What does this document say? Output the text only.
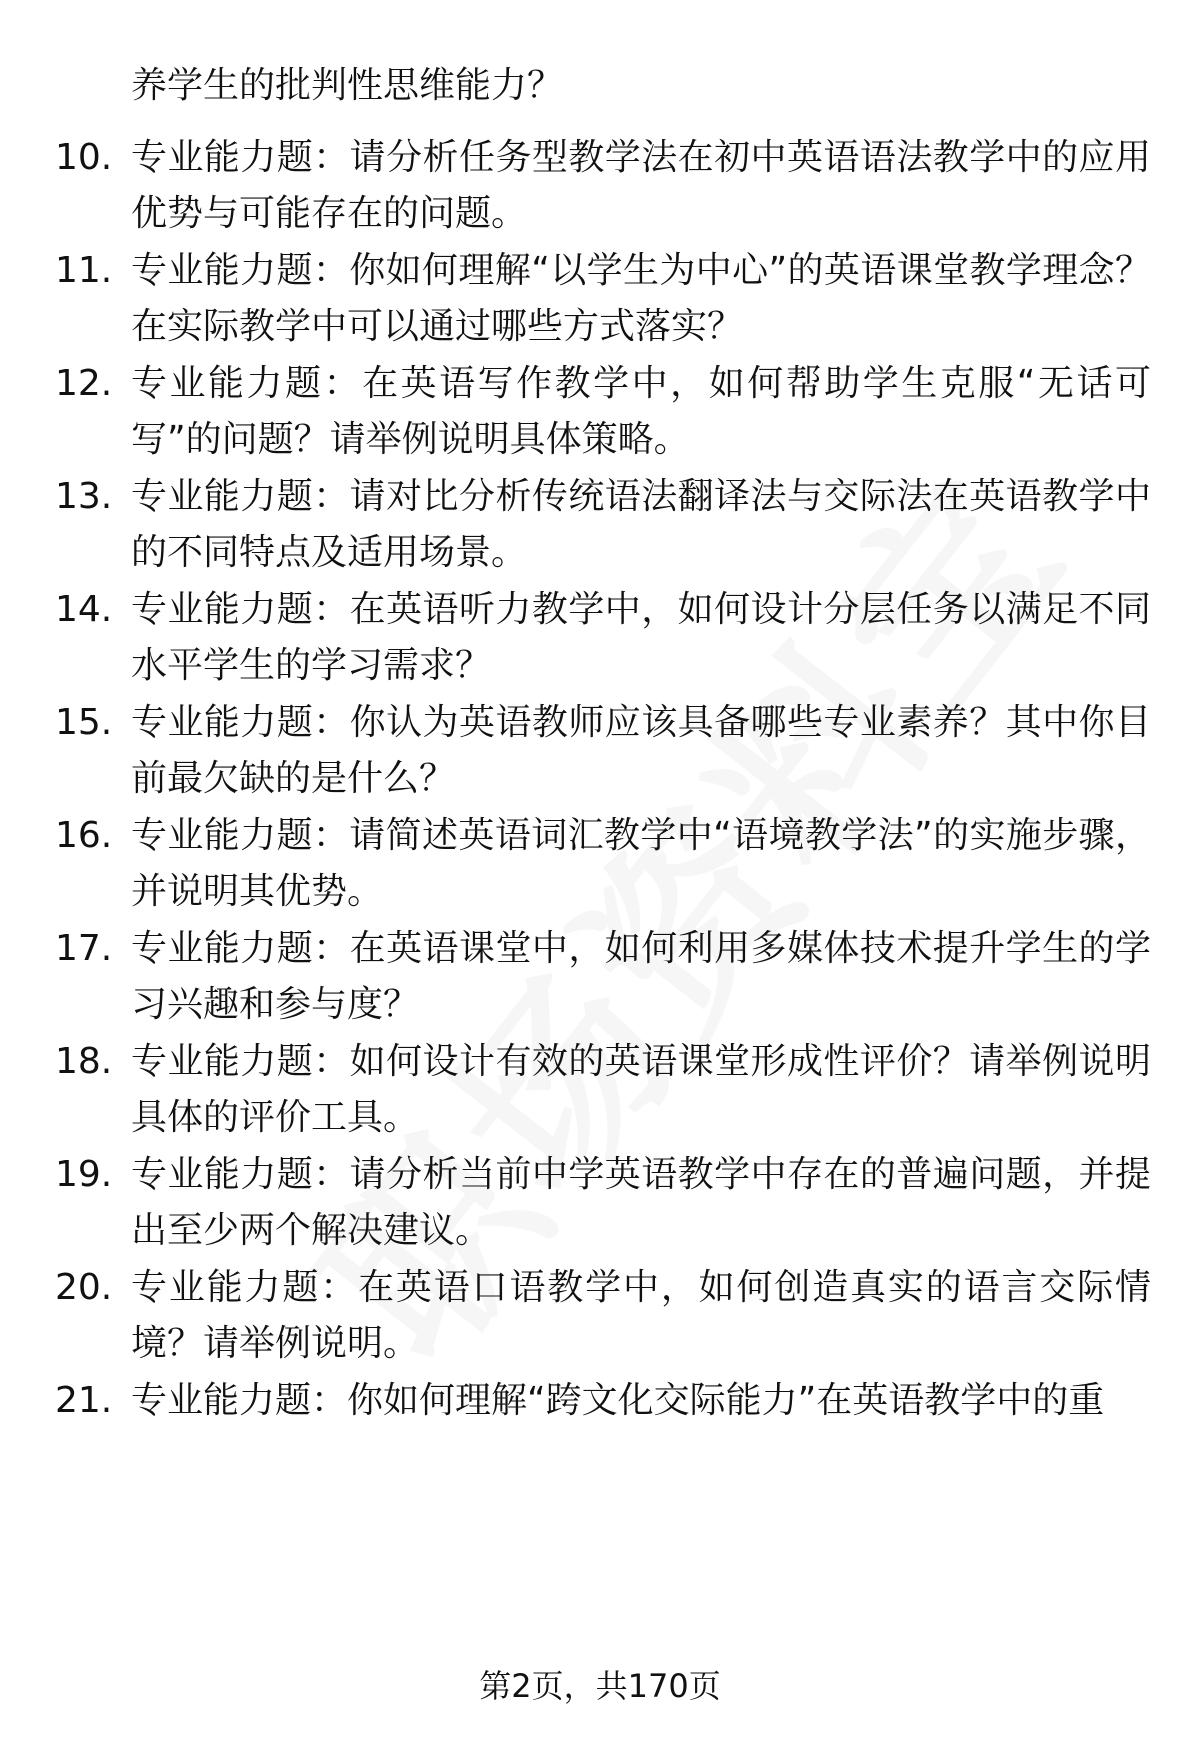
养学生的批判性思维能力？
10. 专业能力题：请分析任务型教学法在初中英语语法教学中的应用优势与可能存在的问题。
11. 专业能力题：你如何理解“以学生为中心”的英语课堂教学理念？在实际教学中可以通过哪些方式落实？
12. 专业能力题：在英语写作教学中，如何帮助学生克服“无话可写”的问题？请举例说明具体策略。
13. 专业能力题：请对比分析传统语法翻译法与交际法在英语教学中的不同特点及适用场景。
14. 专业能力题：在英语听力教学中，如何设计分层任务以满足不同水平学生的学习需求？
15. 专业能力题：你认为英语教师应该具备哪些专业素养？其中你目前最欠缺的是什么？
16. 专业能力题：请简述英语词汇教学中“语境教学法”的实施步骤，并说明其优势。
17. 专业能力题：在英语课堂中，如何利用多媒体技术提升学生的学习兴趣和参与度？
18. 专业能力题：如何设计有效的英语课堂形成性评价？请举例说明具体的评价工具。
19. 专业能力题：请分析当前中学英语教学中存在的普遍问题，并提出至少两个解决建议。
20. 专业能力题：在英语口语教学中，如何创造真实的语言交际情境？请举例说明。
21. 专业能力题：你如何理解“跨文化交际能力”在英语教学中的重
第2页，共170页
